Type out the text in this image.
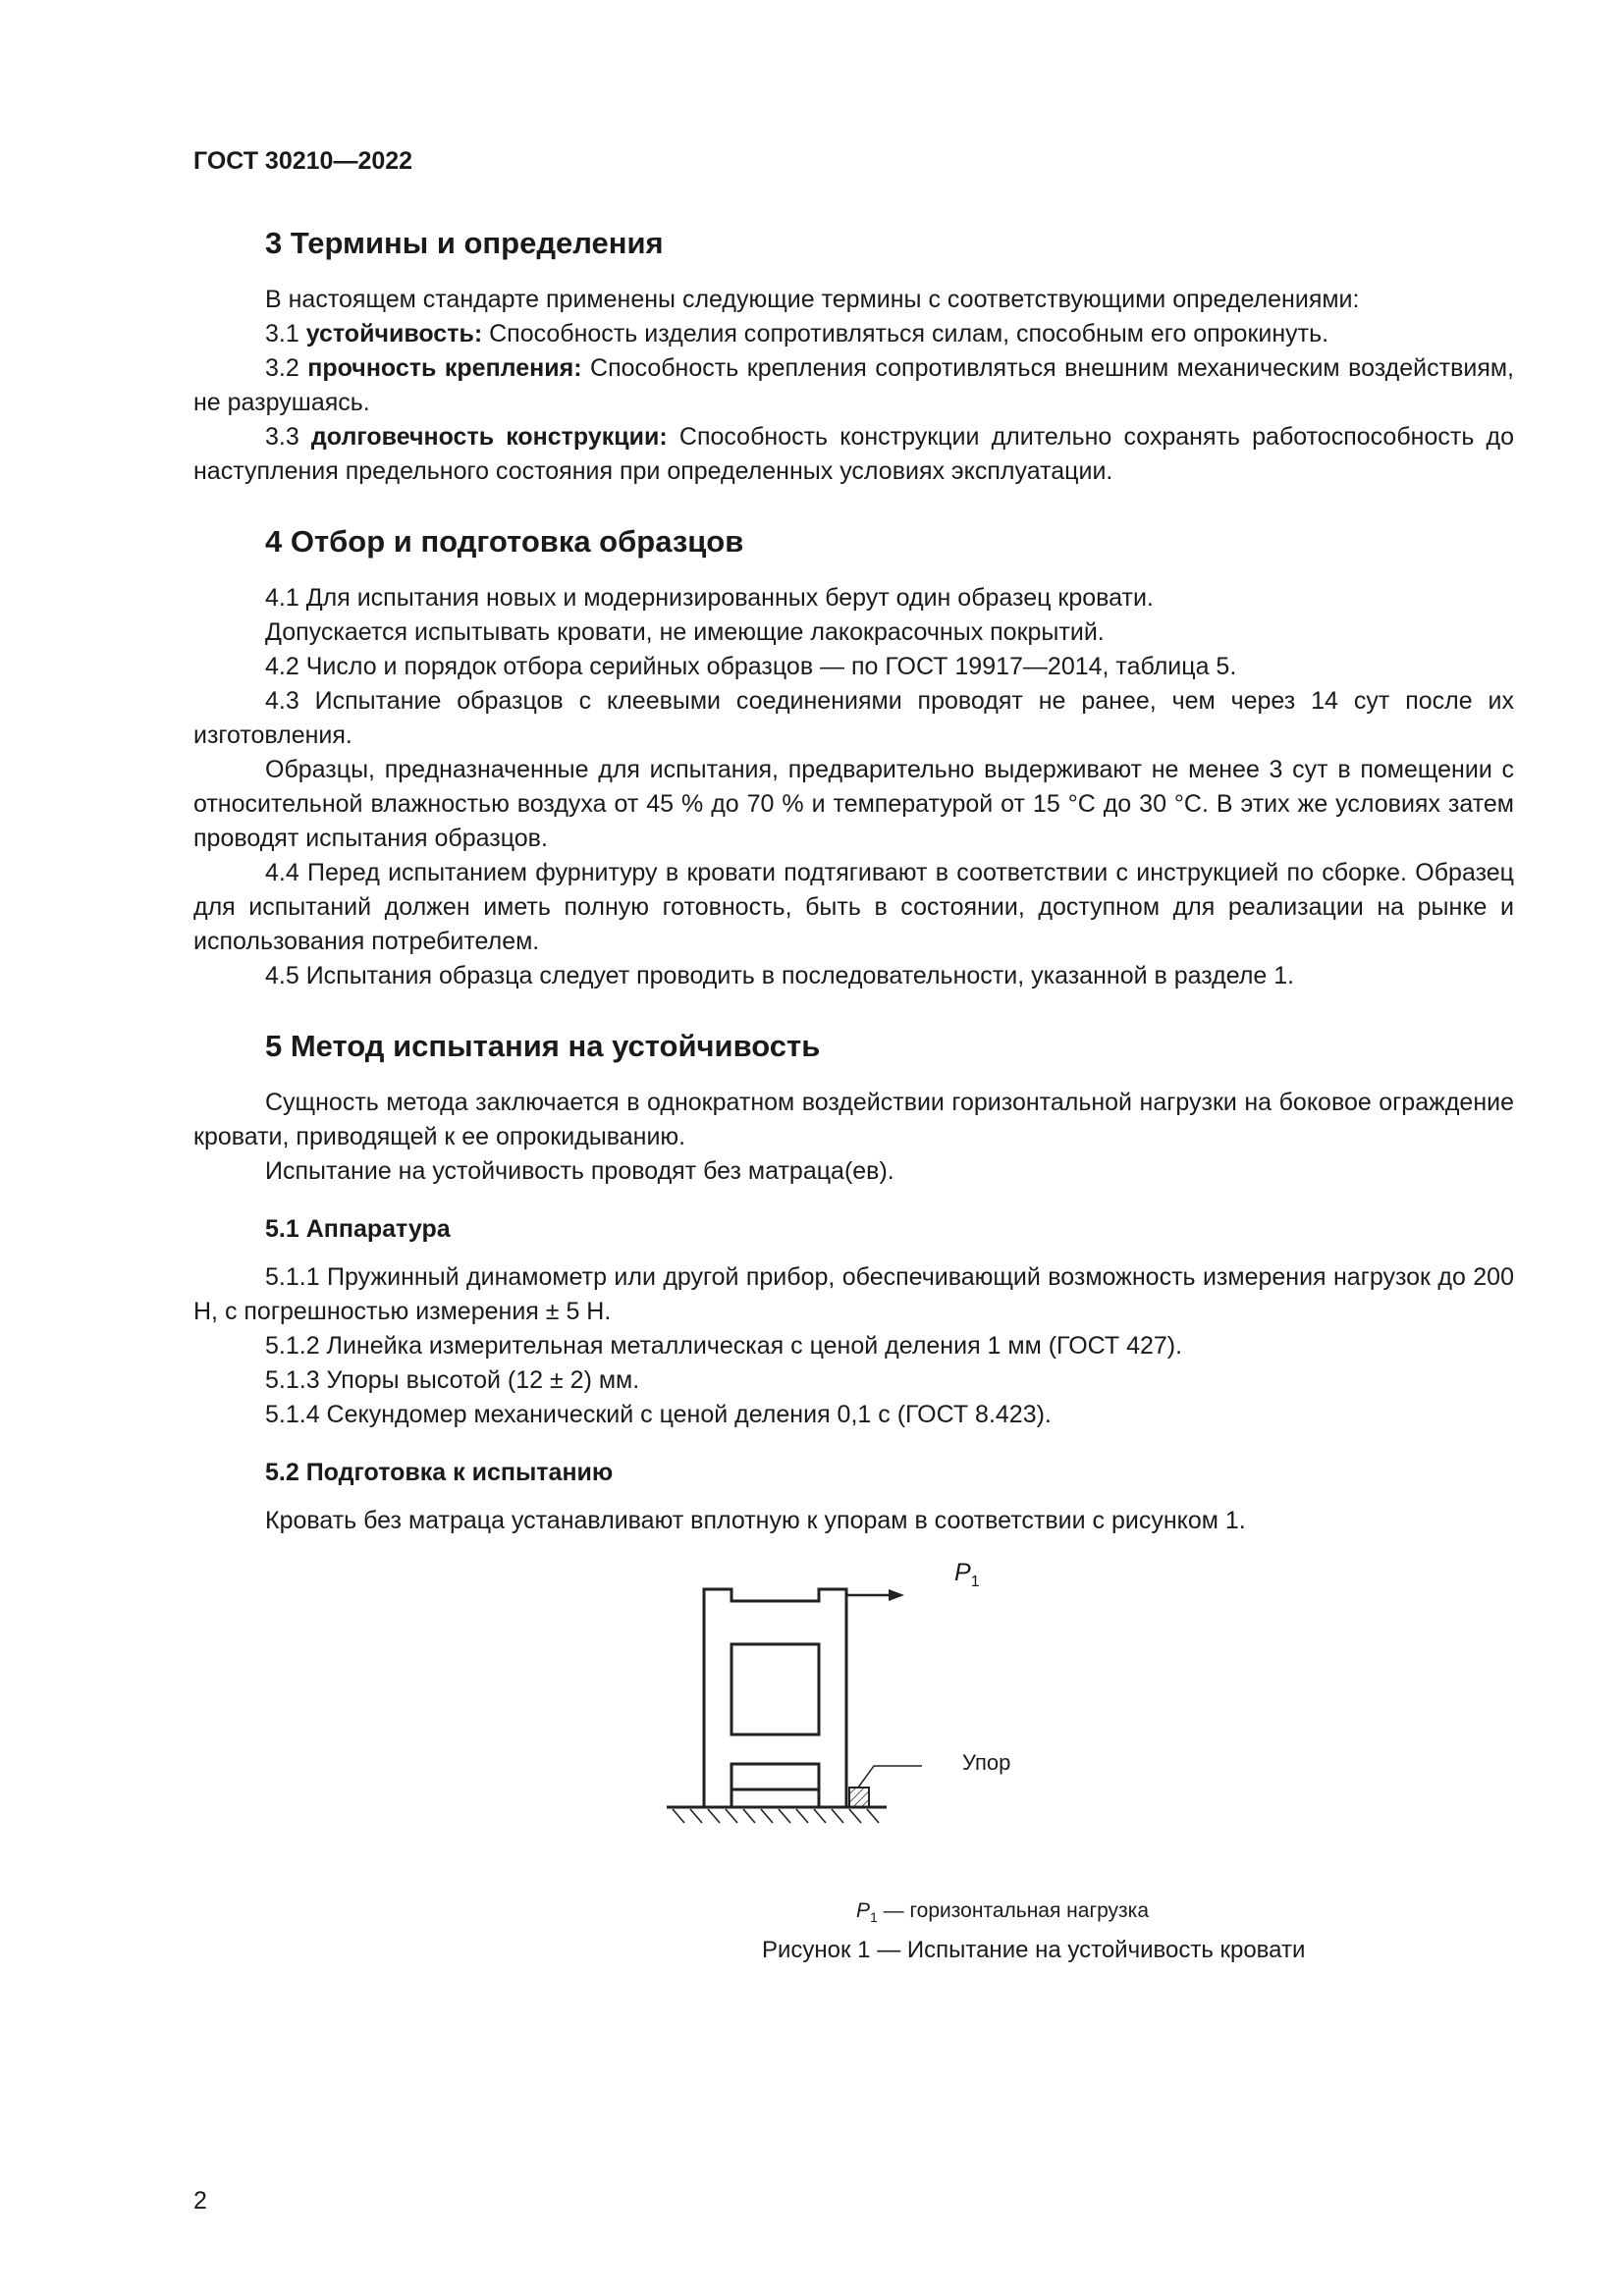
ГОСТ 30210—2022
3 Термины и определения

В настоящем стандарте применены следующие термины с соответствующими определениями:

3.1 устойчивость: Способность изделия сопротивляться силам, способным его опрокинуть.

3.2 прочность крепления: Способность крепления сопротивляться внешним механическим воздействиям, не разрушаясь.

3.3 долговечность конструкции: Способность конструкции длительно сохранять работоспособность до наступления предельного состояния при определенных условиях эксплуатации.

4 Отбор и подготовка образцов

4.1 Для испытания новых и модернизированных берут один образец кровати.

Допускается испытывать кровати, не имеющие лакокрасочных покрытий.

4.2 Число и порядок отбора серийных образцов — по ГОСТ 19917—2014, таблица 5.

4.3 Испытание образцов с клеевыми соединениями проводят не ранее, чем через 14 сут после их изготовления.

Образцы, предназначенные для испытания, предварительно выдерживают не менее 3 сут в помещении с относительной влажностью воздуха от 45 % до 70 % и температурой от 15 °С до 30 °С. В этих же условиях затем проводят испытания образцов.

4.4 Перед испытанием фурнитуру в кровати подтягивают в соответствии с инструкцией по сборке. Образец для испытаний должен иметь полную готовность, быть в состоянии, доступном для реализации на рынке и использования потребителем.

4.5 Испытания образца следует проводить в последовательности, указанной в разделе 1.

5 Метод испытания на устойчивость

Сущность метода заключается в однократном воздействии горизонтальной нагрузки на боковое ограждение кровати, приводящей к ее опрокидыванию.

Испытание на устойчивость проводят без матраца(ев).

5.1 Аппаратура

5.1.1 Пружинный динамометр или другой прибор, обеспечивающий возможность измерения нагрузок до 200 Н, с погрешностью измерения ± 5 Н.

5.1.2 Линейка измерительная металлическая с ценой деления 1 мм (ГОСТ 427).

5.1.3 Упоры высотой (12 ± 2) мм.

5.1.4 Секундомер механический с ценой деления 0,1 с (ГОСТ 8.423).

5.2 Подготовка к испытанию

Кровать без матраца устанавливают вплотную к упорам в соответствии с рисунком 1.

$P_1$
Упор
$P_1$ — горизонтальная нагрузка
Рисунок 1 — Испытание на устойчивость кровати
2
